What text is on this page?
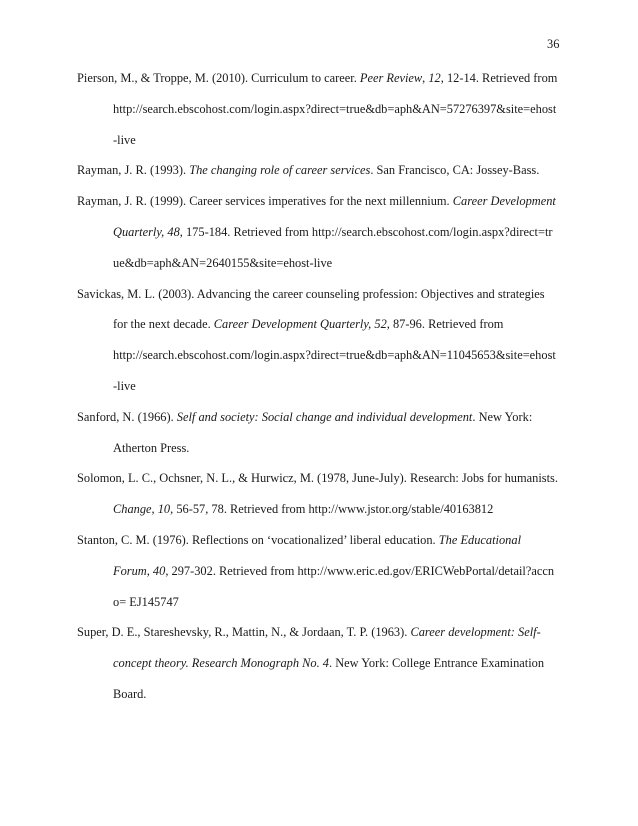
36
Pierson, M., & Troppe, M. (2010). Curriculum to career. Peer Review, 12, 12-14. Retrieved from
http://search.ebscohost.com/login.aspx?direct=true&db=aph&AN=57276397&site=ehost
-live
Rayman, J. R. (1993). The changing role of career services. San Francisco, CA: Jossey-Bass.
Rayman, J. R. (1999). Career services imperatives for the next millennium. Career Development
Quarterly, 48, 175-184. Retrieved from http://search.ebscohost.com/login.aspx?direct=tr
ue&db=aph&AN=2640155&site=ehost-live
Savickas, M. L. (2003). Advancing the career counseling profession: Objectives and strategies
for the next decade. Career Development Quarterly, 52, 87-96. Retrieved from
http://search.ebscohost.com/login.aspx?direct=true&db=aph&AN=11045653&site=ehost
-live
Sanford, N. (1966). Self and society: Social change and individual development. New York:
Atherton Press.
Solomon, L. C., Ochsner, N. L., & Hurwicz, M. (1978, June-July). Research: Jobs for humanists.
Change, 10, 56-57, 78. Retrieved from http://www.jstor.org/stable/40163812
Stanton, C. M. (1976). Reflections on ‘vocationalized’ liberal education. The Educational
Forum, 40, 297-302. Retrieved from http://www.eric.ed.gov/ERICWebPortal/detail?accn
o= EJ145747
Super, D. E., Stareshevsky, R., Mattin, N., & Jordaan, T. P. (1963). Career development: Self-
concept theory. Research Monograph No. 4. New York: College Entrance Examination
Board.
